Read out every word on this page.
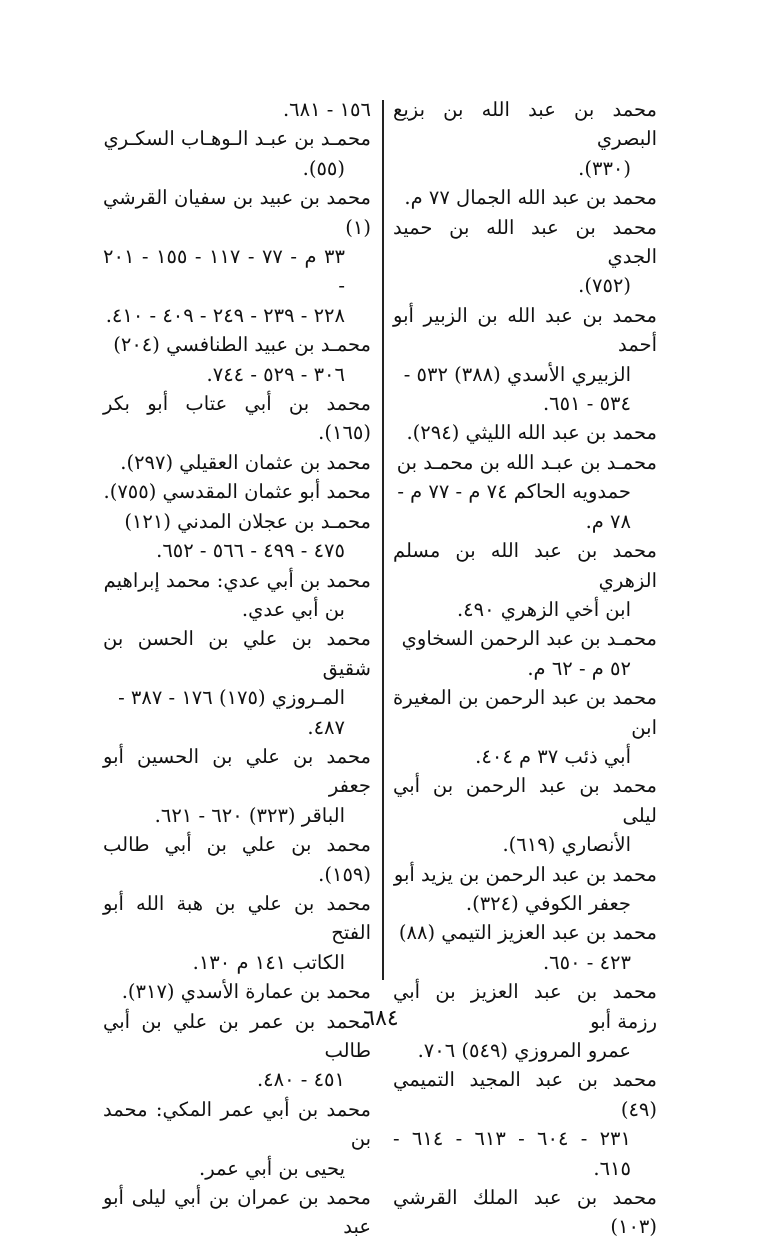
محمد بن عبد الله بن بزيع البصري
(٣٣٠).
محمد بن عبد الله الجمال ٧٧ م.
محمد بن عبد الله بن حميد الجدي
(٧٥٢).
محمد بن عبد الله بن الزبير أبو أحمد
الزبيري الأسدي (٣٨٨) ٥٣٢ -
٥٣٤ - ٦٥١.
محمد بن عبد الله الليثي (٢٩٤).
محمـد بن عبـد الله بن محمـد بن
حمدويه الحاكم ٧٤ م - ٧٧ م -
٧٨ م.
محمد بن عبد الله بن مسلم الزهري
ابن أخي الزهري ٤٩٠.
محمـد بن عبد الرحمن السخاوي
٥٢ م - ٦٢ م.
محمد بن عبد الرحمن بن المغيرة ابن
أبي ذئب ٣٧ م ٤٠٤.
محمد بن عبد الرحمن بن أبي ليلى
الأنصاري (٦١٩).
محمد بن عبد الرحمن بن يزيد أبو
جعفر الكوفي (٣٢٤).
محمد بن عبد العزيز التيمي (٨٨)
٤٢٣ - ٦٥٠.
محمد بن عبد العزيز بن أبي رزمة أبو
عمرو المروزي (٥٤٩) ٧٠٦.
محمد بن عبد المجيد التميمي (٤٩)
٢٣١ - ٦٠٤ - ٦١٣ - ٦١٤ - ٦١٥.
محمد بن عبد الملك القرشي (١٠٣)
١٥٦ - ٦٨١.
محمـد بن عبـد الـوهـاب السكـري
(٥٥).
محمد بن عبيد بن سفيان القرشي (١)
٣٣ م - ٧٧ - ١١٧ - ١٥٥ - ٢٠١ -
٢٢٨ - ٢٣٩ - ٢٤٩ - ٤٠٩ - ٤١٠.
محمـد بن عبيد الطنافسي (٢٠٤)
٣٠٦ - ٥٢٩ - ٧٤٤.
محمد بن أبي عتاب أبو بكر (١٦٥).
محمد بن عثمان العقيلي (٢٩٧).
محمد أبو عثمان المقدسي (٧٥٥).
محمـد بن عجلان المدني (١٢١)
٤٧٥ - ٤٩٩ - ٥٦٦ - ٦٥٢.
محمد بن أبي عدي: محمد إبراهيم
بن أبي عدي.
محمد بن علي بن الحسن بن شقيق
المـروزي (١٧٥) ١٧٦ - ٣٨٧ -
٤٨٧.
محمد بن علي بن الحسين أبو جعفر
الباقر (٣٢٣) ٦٢٠ - ٦٢١.
محمد بن علي بن أبي طالب (١٥٩).
محمد بن علي بن هبة الله أبو الفتح
الكاتب ١٤١ م ١٣٠.
محمد بن عمارة الأسدي (٣١٧).
محمد بن عمر بن علي بن أبي طالب
٤٥١ - ٤٨٠.
محمد بن أبي عمر المكي: محمد بن
يحيى بن أبي عمر.
محمد بن عمران بن أبي ليلى أبو عبد
٦٨٤
